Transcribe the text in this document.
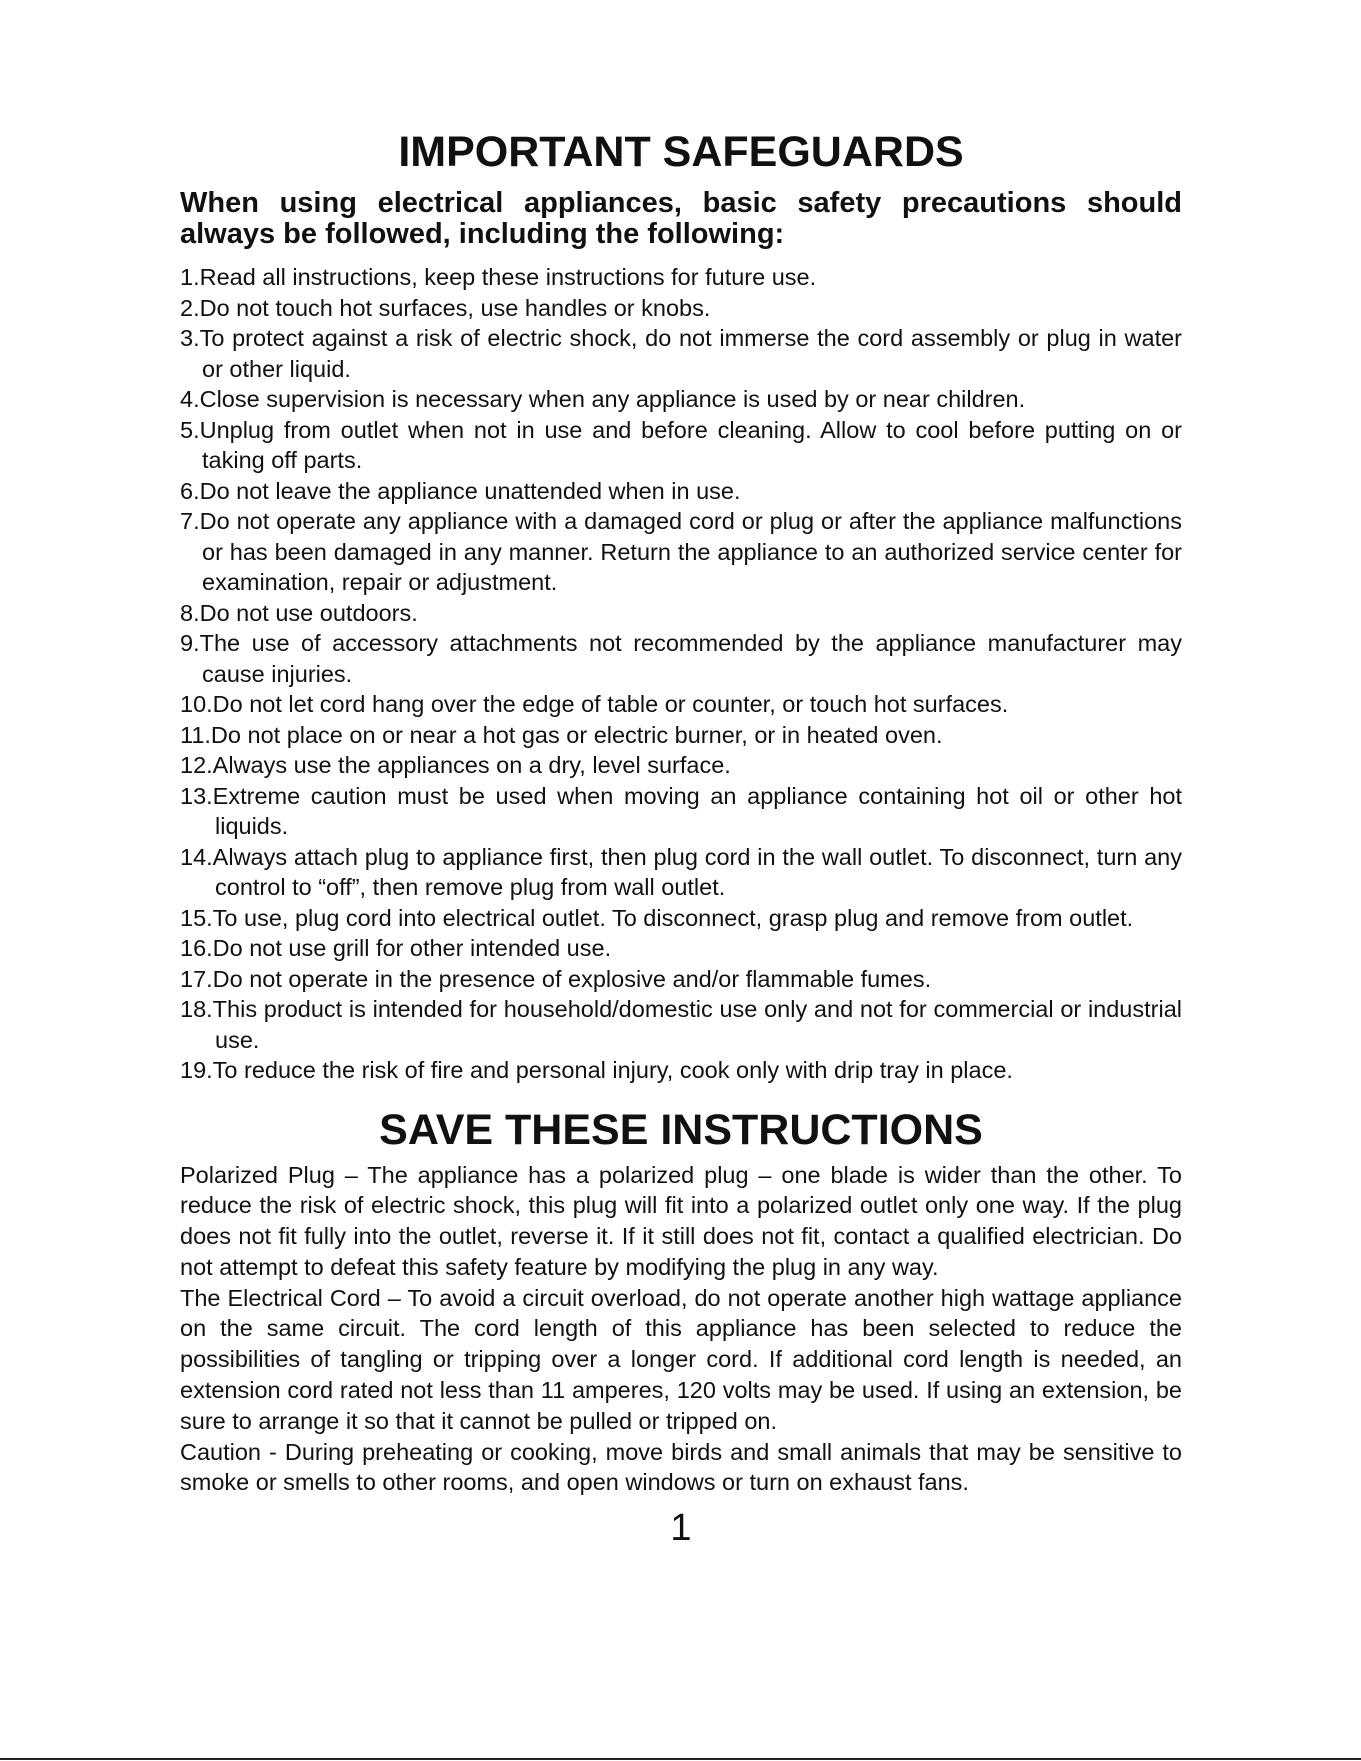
IMPORTANT SAFEGUARDS

When using electrical appliances, basic safety precautions should always be followed, including the following:

1.Read all instructions, keep these instructions for future use.
2.Do not touch hot surfaces, use handles or knobs.
3.To protect against a risk of electric shock, do not immerse the cord assembly or plug in water or other liquid.
4.Close supervision is necessary when any appliance is used by or near children.
5.Unplug from outlet when not in use and before cleaning. Allow to cool before putting on or taking off parts.
6.Do not leave the appliance unattended when in use.
7.Do not operate any appliance with a damaged cord or plug or after the appliance malfunctions or has been damaged in any manner. Return the appliance to an authorized service center for examination, repair or adjustment.
8.Do not use outdoors.
9.The use of accessory attachments not recommended by the appliance manufacturer may cause injuries.
10.Do not let cord hang over the edge of table or counter, or touch hot surfaces.
11.Do not place on or near a hot gas or electric burner, or in heated oven.
12.Always use the appliances on a dry, level surface.
13.Extreme caution must be used when moving an appliance containing hot oil or other hot liquids.
14.Always attach plug to appliance first, then plug cord in the wall outlet. To disconnect, turn any control to “off”, then remove plug from wall outlet.
15.To use, plug cord into electrical outlet. To disconnect, grasp plug and remove from outlet.
16.Do not use grill for other intended use.
17.Do not operate in the presence of explosive and/or flammable fumes.
18.This product is intended for household/domestic use only and not for commercial or industrial use.
19.To reduce the risk of fire and personal injury, cook only with drip tray in place.
SAVE THESE INSTRUCTIONS

Polarized Plug – The appliance has a polarized plug – one blade is wider than the other. To reduce the risk of electric shock, this plug will fit into a polarized outlet only one way. If the plug does not fit fully into the outlet, reverse it. If it still does not fit, contact a qualified electrician. Do not attempt to defeat this safety feature by modifying the plug in any way.

The Electrical Cord – To avoid a circuit overload, do not operate another high wattage appliance on the same circuit. The cord length of this appliance has been selected to reduce the possibilities of tangling or tripping over a longer cord. If additional cord length is needed, an extension cord rated not less than 11 amperes, 120 volts may be used. If using an extension, be sure to arrange it so that it cannot be pulled or tripped on.

Caution - During preheating or cooking, move birds and small animals that may be sensitive to smoke or smells to other rooms, and open windows or turn on exhaust fans.

1
